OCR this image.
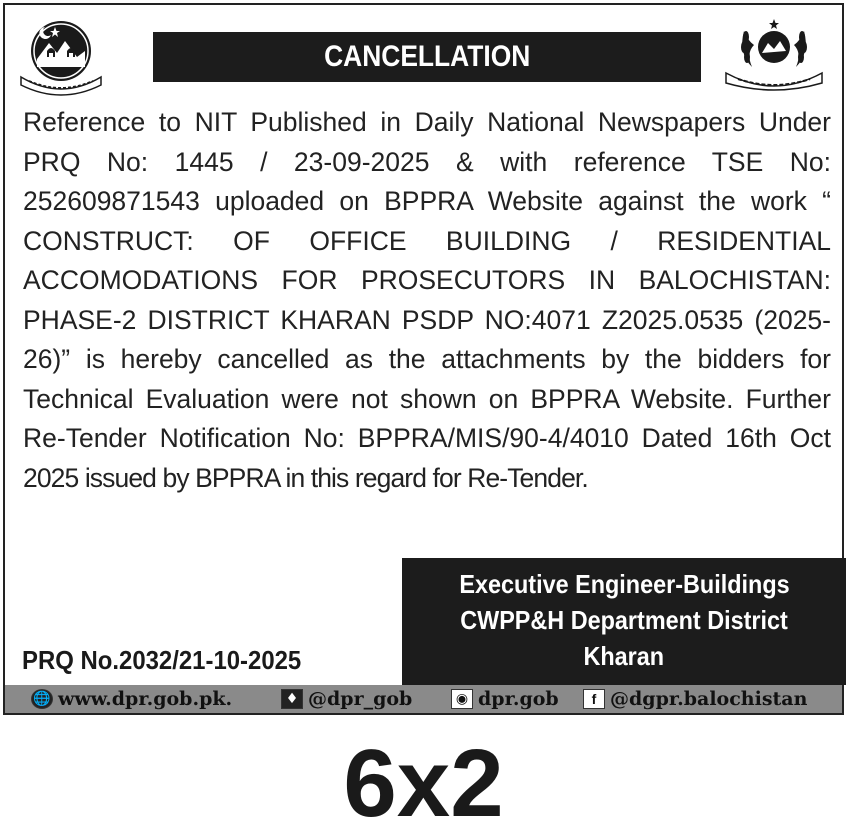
CANCELLATION
Reference to NIT Published in Daily National Newspapers Under
PRQ No: 1445 / 23-09-2025 & with reference TSE No:
252609871543 uploaded on BPPRA Website against the work “
CONSTRUCT: OF OFFICE BUILDING / RESIDENTIAL
ACCOMODATIONS FOR PROSECUTORS IN BALOCHISTAN:
PHASE-2 DISTRICT KHARAN PSDP NO:4071 Z2025.0535 (2025-
26)” is hereby cancelled as the attachments by the bidders for
Technical Evaluation were not shown on BPPRA Website. Further
Re-Tender Notification No: BPPRA/MIS/90-4/4010 Dated 16th Oct
2025 issued by BPPRA in this regard for Re-Tender.
Executive Engineer-Buildings
CWPP&H Department District
Kharan
PRQ No.2032/21-10-2025
🌐 www.dpr.gob.pk.	♦ @dpr_gob	◉ dpr.gob	f @dgpr.balochistan
6x2
